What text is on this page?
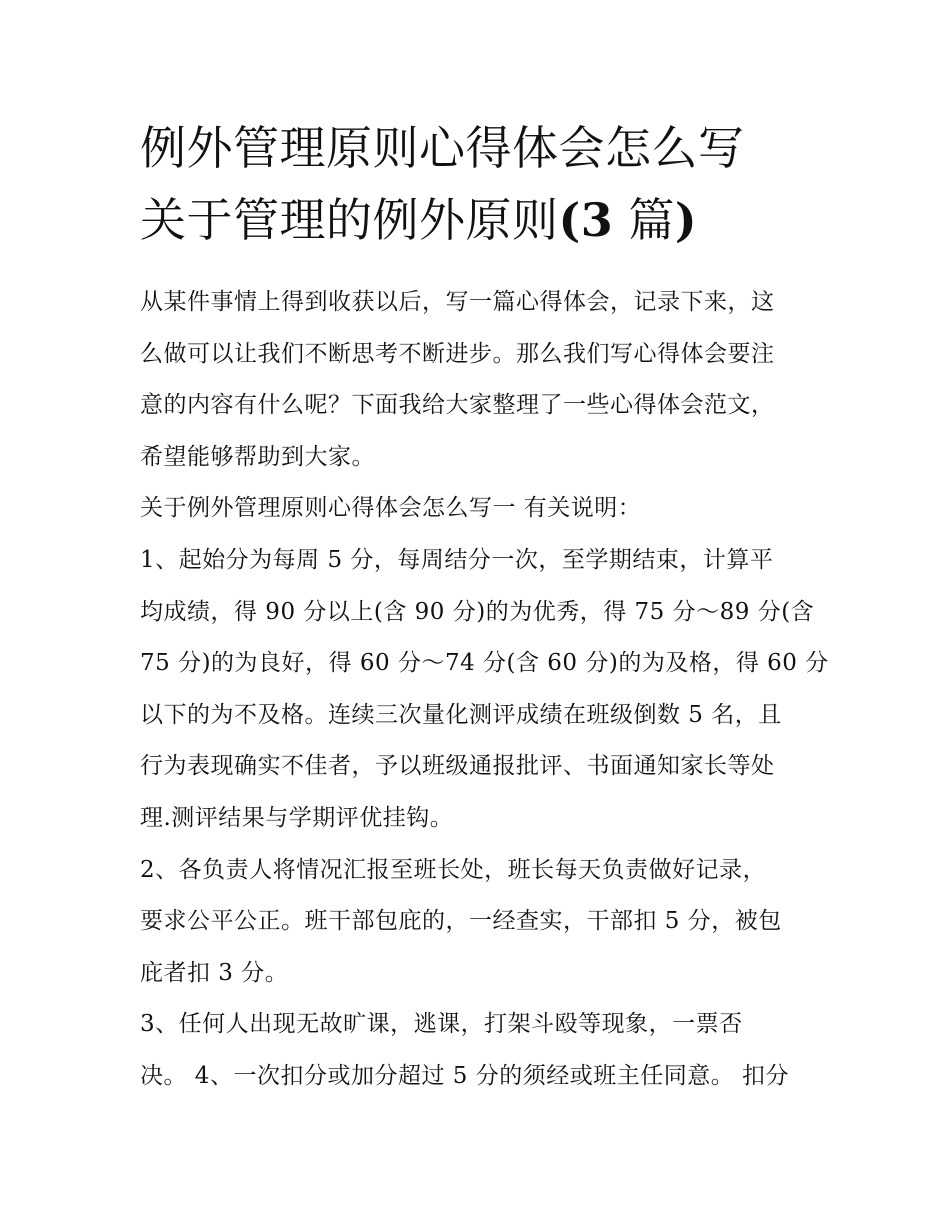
例外管理原则心得体会怎么写
关于管理的例外原则(3 篇)
从某件事情上得到收获以后，写一篇心得体会，记录下来，这
么做可以让我们不断思考不断进步。那么我们写心得体会要注
意的内容有什么呢？下面我给大家整理了一些心得体会范文，
希望能够帮助到大家。
关于例外管理原则心得体会怎么写一 有关说明：
1、起始分为每周 5 分，每周结分一次，至学期结束，计算平
均成绩，得 90 分以上(含 90 分)的为优秀，得 75 分～89 分(含
75 分)的为良好，得 60 分～74 分(含 60 分)的为及格，得 60 分
以下的为不及格。连续三次量化测评成绩在班级倒数 5 名，且
行为表现确实不佳者，予以班级通报批评、书面通知家长等处
理.测评结果与学期评优挂钩。
2、各负责人将情况汇报至班长处，班长每天负责做好记录，
要求公平公正。班干部包庇的，一经查实，干部扣 5 分，被包
庇者扣 3 分。
3、任何人出现无故旷课，逃课，打架斗殴等现象，一票否
决。 4、一次扣分或加分超过 5 分的须经或班主任同意。 扣分
